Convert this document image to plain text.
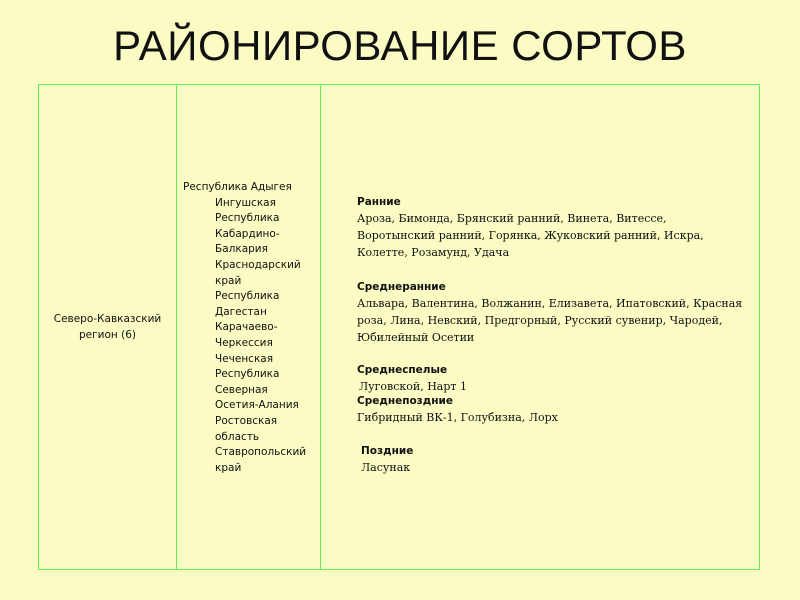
РАЙОНИРОВАНИЕ СОРТОВ
Северо-Кавказский регион (6)
Республика Адыгея
Ингушская Республика
Кабардино-Балкария
Краснодарский край
Республика Дагестан
Карачаево-Черкессия
Чеченская Республика
Северная Осетия-Алания
Ростовская область
Ставропольский край
Ранние
Ароза, Бимонда, Брянский ранний, Винета, Витессе, Воротынский ранний, Горянка, Жуковский ранний, Искра, Колетте, Розамунд, Удача
Среднеранние
Альвара, Валентина, Волжанин, Елизавета, Ипатовский, Красная роза, Лина, Невский, Предгорный, Русский сувенир, Чародей, Юбилейный Осетии
Среднеспелые
Луговской, Нарт 1
Среднепоздние
Гибридный ВК-1, Голубизна, Лорх
Поздние
Ласунак
